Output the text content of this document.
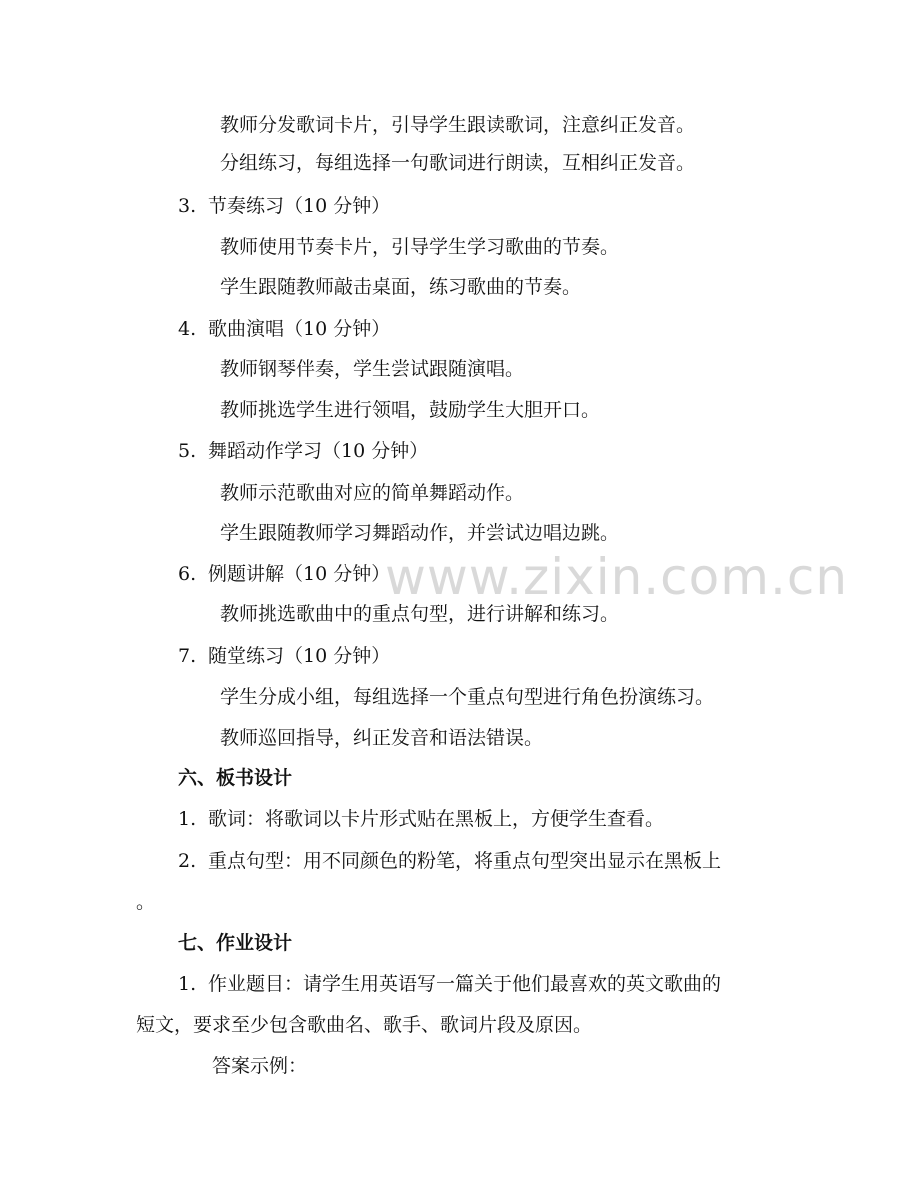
www.zixin.com.cn
教师分发歌词卡片，引导学生跟读歌词，注意纠正发音。
分组练习，每组选择一句歌词进行朗读，互相纠正发音。
3. 节奏练习（10 分钟）
教师使用节奏卡片，引导学生学习歌曲的节奏。
学生跟随教师敲击桌面，练习歌曲的节奏。
4. 歌曲演唱（10 分钟）
教师钢琴伴奏，学生尝试跟随演唱。
教师挑选学生进行领唱，鼓励学生大胆开口。
5. 舞蹈动作学习（10 分钟）
教师示范歌曲对应的简单舞蹈动作。
学生跟随教师学习舞蹈动作，并尝试边唱边跳。
6. 例题讲解（10 分钟）
教师挑选歌曲中的重点句型，进行讲解和练习。
7. 随堂练习（10 分钟）
学生分成小组，每组选择一个重点句型进行角色扮演练习。
教师巡回指导，纠正发音和语法错误。
六、板书设计
1. 歌词：将歌词以卡片形式贴在黑板上，方便学生查看。
2. 重点句型：用不同颜色的粉笔，将重点句型突出显示在黑板上
。
七、作业设计
1. 作业题目：请学生用英语写一篇关于他们最喜欢的英文歌曲的
短文，要求至少包含歌曲名、歌手、歌词片段及原因。
答案示例：
